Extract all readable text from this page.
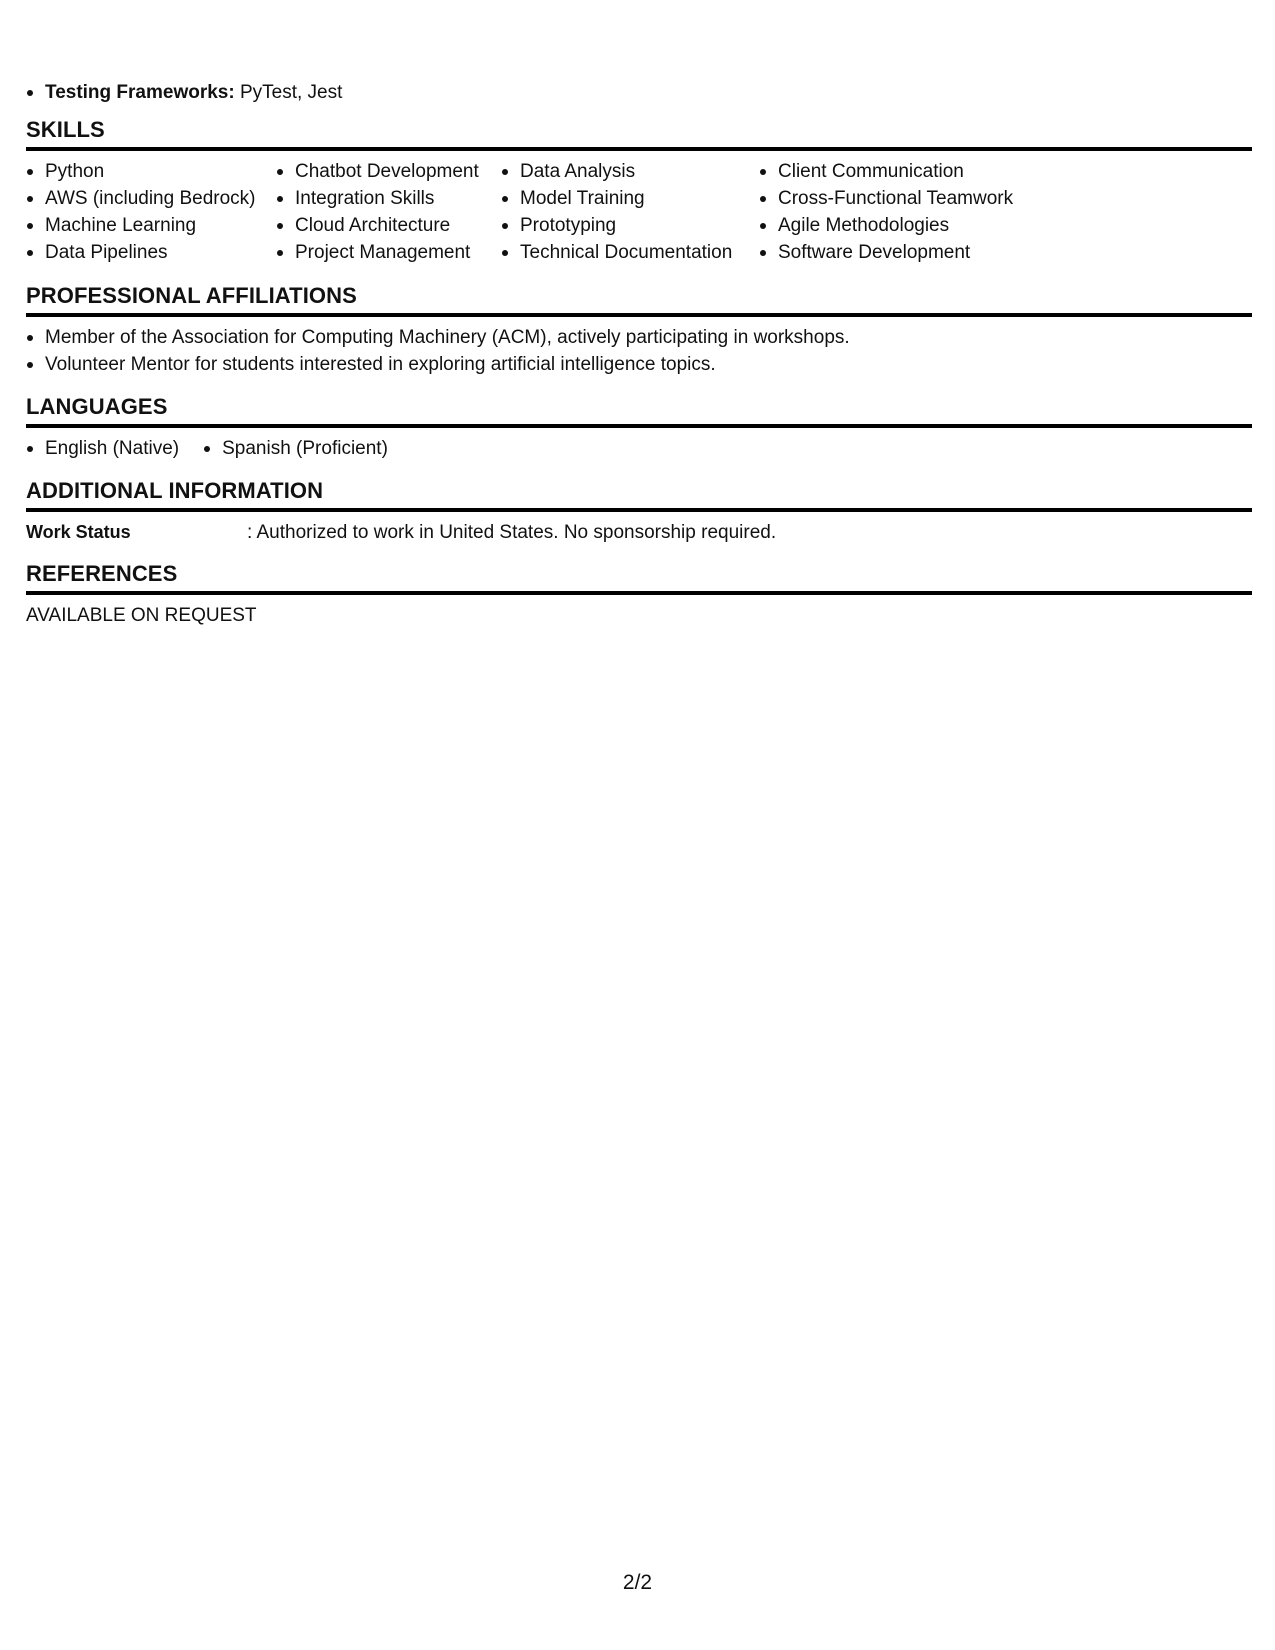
Testing Frameworks: PyTest, Jest
SKILLS
Python
AWS (including Bedrock)
Machine Learning
Data Pipelines
Chatbot Development
Integration Skills
Cloud Architecture
Project Management
Data Analysis
Model Training
Prototyping
Technical Documentation
Client Communication
Cross-Functional Teamwork
Agile Methodologies
Software Development
PROFESSIONAL AFFILIATIONS
Member of the Association for Computing Machinery (ACM), actively participating in workshops.
Volunteer Mentor for students interested in exploring artificial intelligence topics.
LANGUAGES
English (Native)	Spanish (Proficient)
ADDITIONAL INFORMATION
Work Status	: Authorized to work in United States. No sponsorship required.
REFERENCES
AVAILABLE ON REQUEST
2/2
